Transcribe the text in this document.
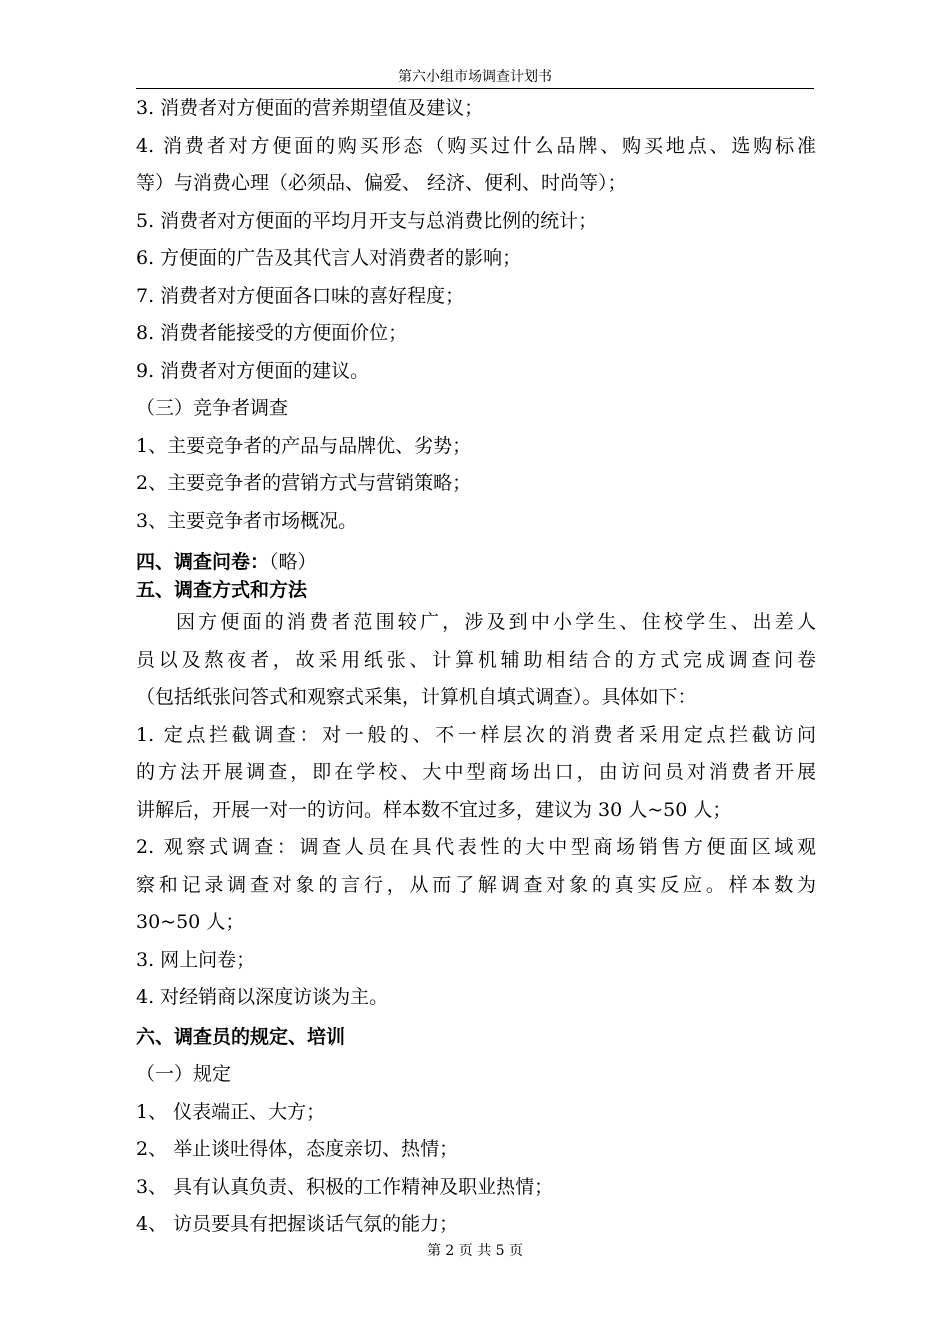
第六小组市场调查计划书
3. 消费者对方便面的营养期望值及建议；
4. 消费者对方便面的购买形态（购买过什么品牌、购买地点、选购标准
等）与消费心理（必须品、偏爱、 经济、便利、时尚等）；
5. 消费者对方便面的平均月开支与总消费比例的统计；
6. 方便面的广告及其代言人对消费者的影响；
7. 消费者对方便面各口味的喜好程度；
8. 消费者能接受的方便面价位；
9. 消费者对方便面的建议。
（三）竞争者调查
1、主要竞争者的产品与品牌优、劣势；
2、主要竞争者的营销方式与营销策略；
3、主要竞争者市场概况。
四、调查问卷：（略）
五、调查方式和方法
因方便面的消费者范围较广，涉及到中小学生、住校学生、出差人
员以及熬夜者，故采用纸张、计算机辅助相结合的方式完成调查问卷
（包括纸张问答式和观察式采集，计算机自填式调查）。具体如下：
1. 定点拦截调查：对一般的、不一样层次的消费者采用定点拦截访问
的方法开展调查，即在学校、大中型商场出口，由访问员对消费者开展
讲解后，开展一对一的访问。样本数不宜过多，建议为 30 人~50 人；
2. 观察式调查：调查人员在具代表性的大中型商场销售方便面区域观
察和记录调查对象的言行，从而了解调查对象的真实反应。样本数为
30~50 人；
3. 网上问卷；
4. 对经销商以深度访谈为主。
六、调查员的规定、培训
（一）规定
1、 仪表端正、大方；
2、 举止谈吐得体，态度亲切、热情；
3、 具有认真负责、积极的工作精神及职业热情；
4、 访员要具有把握谈话气氛的能力；
第 2 页 共 5 页
